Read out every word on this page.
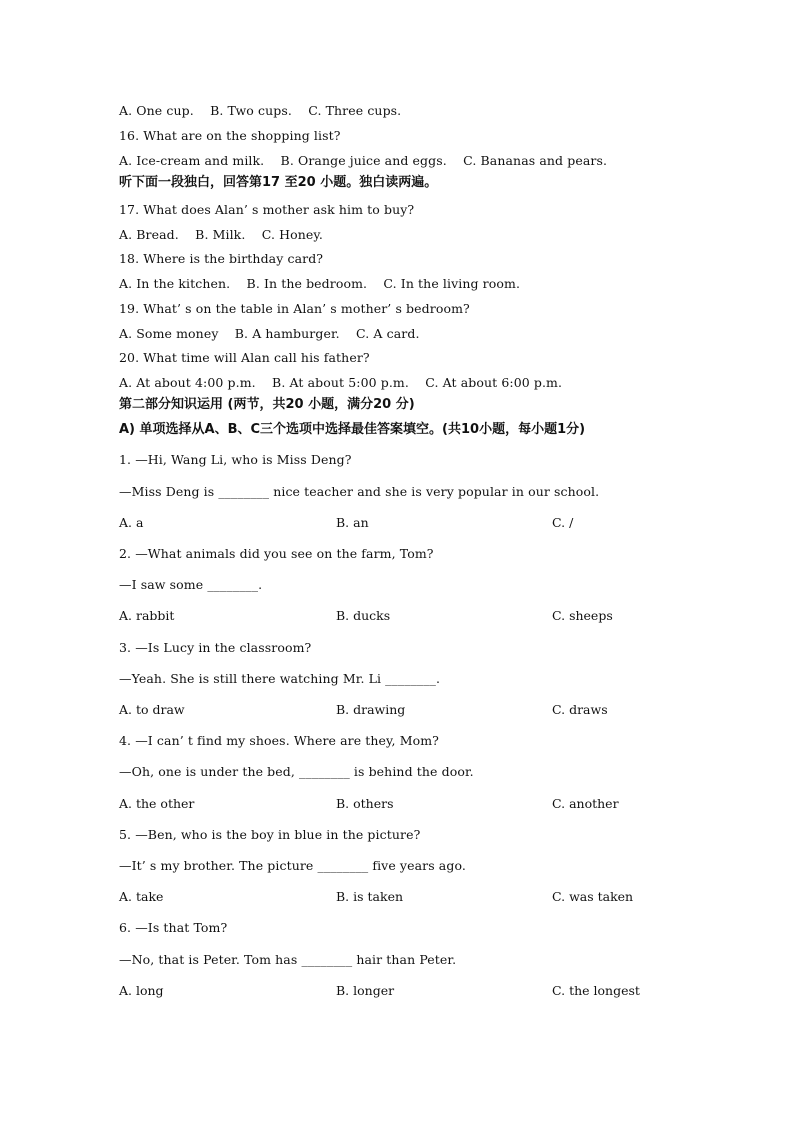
A. One cup.    B. Two cups.    C. Three cups.
16. What are on the shopping list?
A. Ice-cream and milk.    B. Orange juice and eggs.    C. Bananas and pears.
听下面一段独白，回答第17 至20 小题。独白读两遍。
17. What does Alan’ s mother ask him to buy?
A. Bread.    B. Milk.    C. Honey.
18. Where is the birthday card?
A. In the kitchen.    B. In the bedroom.    C. In the living room.
19. What’ s on the table in Alan’ s mother’ s bedroom?
A. Some money    B. A hamburger.    C. A card.
20. What time will Alan call his father?
A. At about 4:00 p.m.    B. At about 5:00 p.m.    C. At about 6:00 p.m.
第二部分知识运用 (两节，共20 小题，满分20 分)
A) 单项选择从A、B、C三个选项中选择最佳答案填空。(共10小题，每小题1分)
1. —Hi, Wang Li, who is Miss Deng?
—Miss Deng is ________ nice teacher and she is very popular in our school.
A. a	B. an	C. /
2. —What animals did you see on the farm, Tom?
—I saw some ________.
A. rabbit	B. ducks	C. sheeps
3. —Is Lucy in the classroom?
—Yeah. She is still there watching Mr. Li ________.
A. to draw	B. drawing	C. draws
4. —I can’ t find my shoes. Where are they, Mom?
—Oh, one is under the bed, ________ is behind the door.
A. the other	B. others	C. another
5. —Ben, who is the boy in blue in the picture?
—It’ s my brother. The picture ________ five years ago.
A. take	B. is taken	C. was taken
6. —Is that Tom?
—No, that is Peter. Tom has ________ hair than Peter.
A. long	B. longer	C. the longest
